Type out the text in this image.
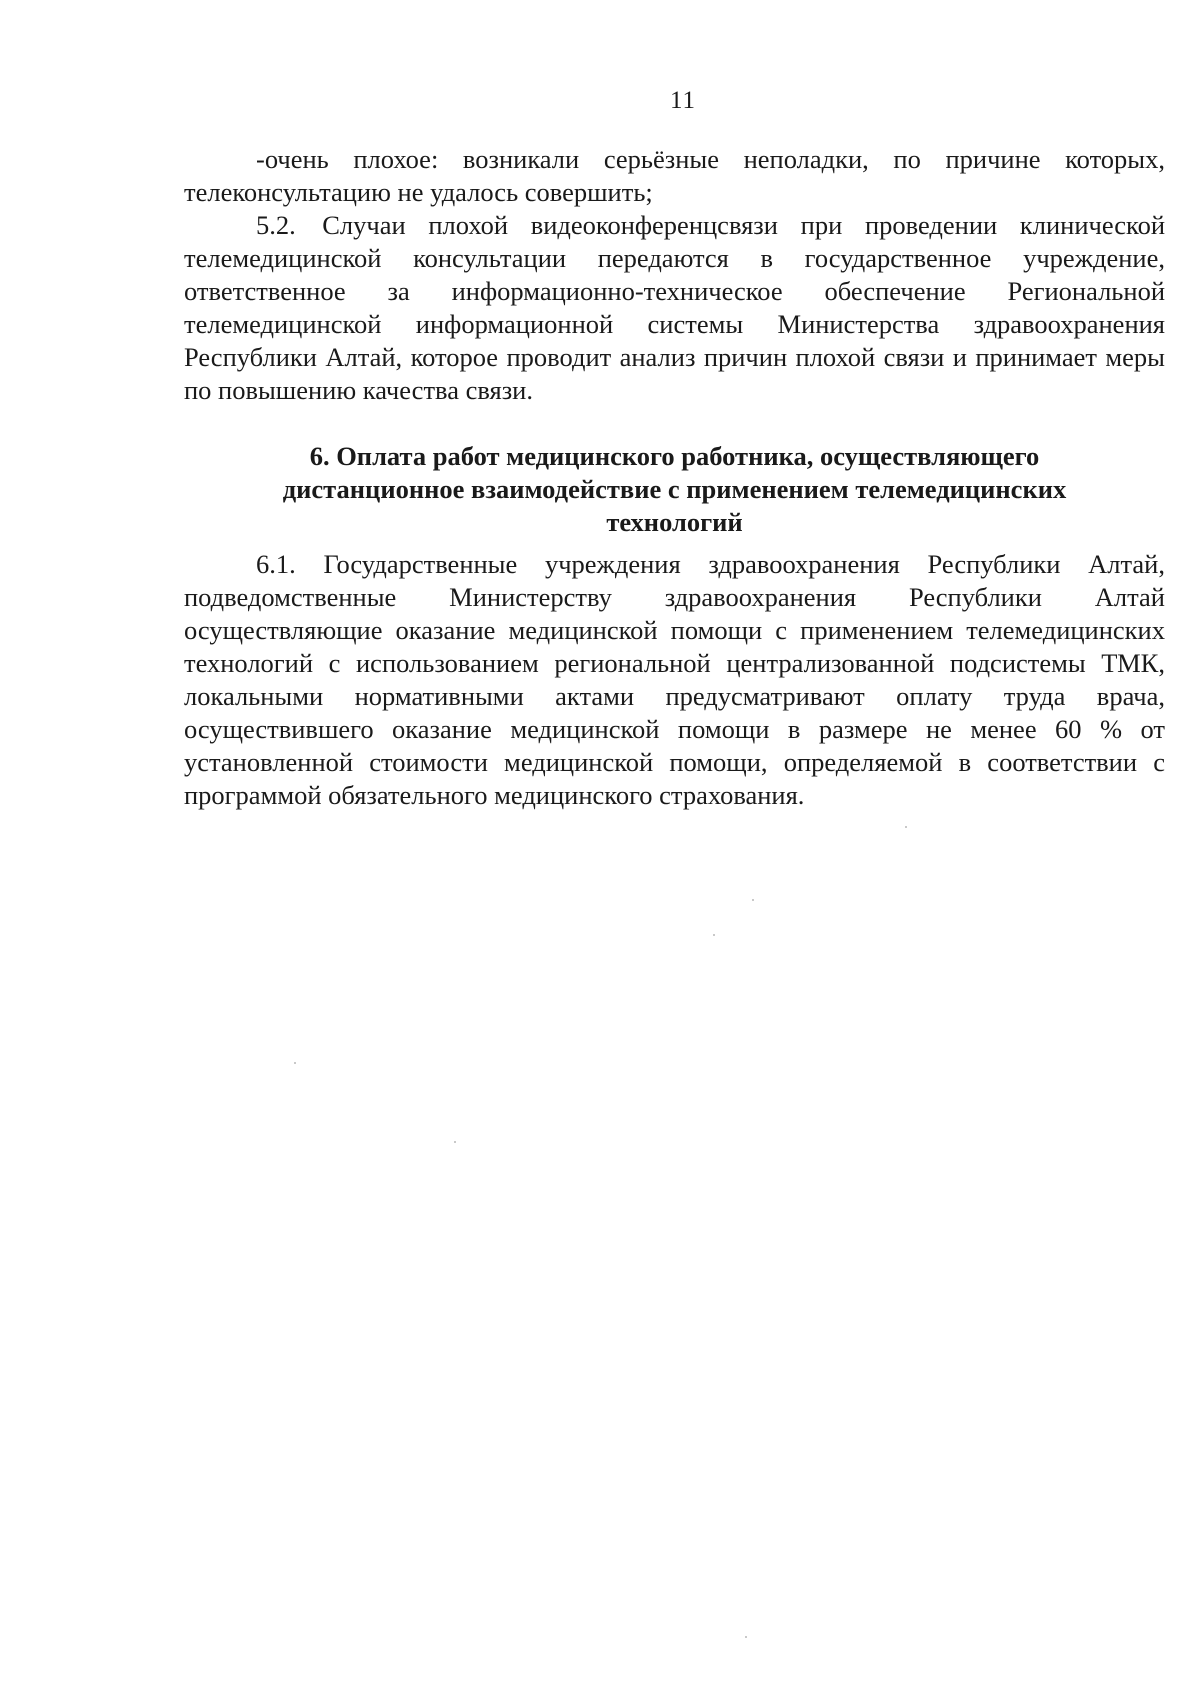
11

-очень плохое: возникали серьёзные неполадки, по причине которых, телеконсультацию не удалось совершить;

5.2. Случаи плохой видеоконференцсвязи при проведении клинической телемедицинской консультации передаются в государственное учреждение, ответственное за информационно-техническое обеспечение Региональной телемедицинской информационной системы Министерства здравоохранения Республики Алтай, которое проводит анализ причин плохой связи и принимает меры по повышению качества связи.

6. Оплата работ медицинского работника, осуществляющего
дистанционное взаимодействие с применением телемедицинских
технологий

6.1. Государственные учреждения здравоохранения Республики Алтай, подведомственные Министерству здравоохранения Республики Алтай осуществляющие оказание медицинской помощи с применением телемедицинских технологий с использованием региональной централизованной подсистемы ТМК, локальными нормативными актами предусматривают оплату труда врача, осуществившего оказание медицинской помощи в размере не менее 60 % от установленной стоимости медицинской помощи, определяемой в соответствии с программой обязательного медицинского страхования.
